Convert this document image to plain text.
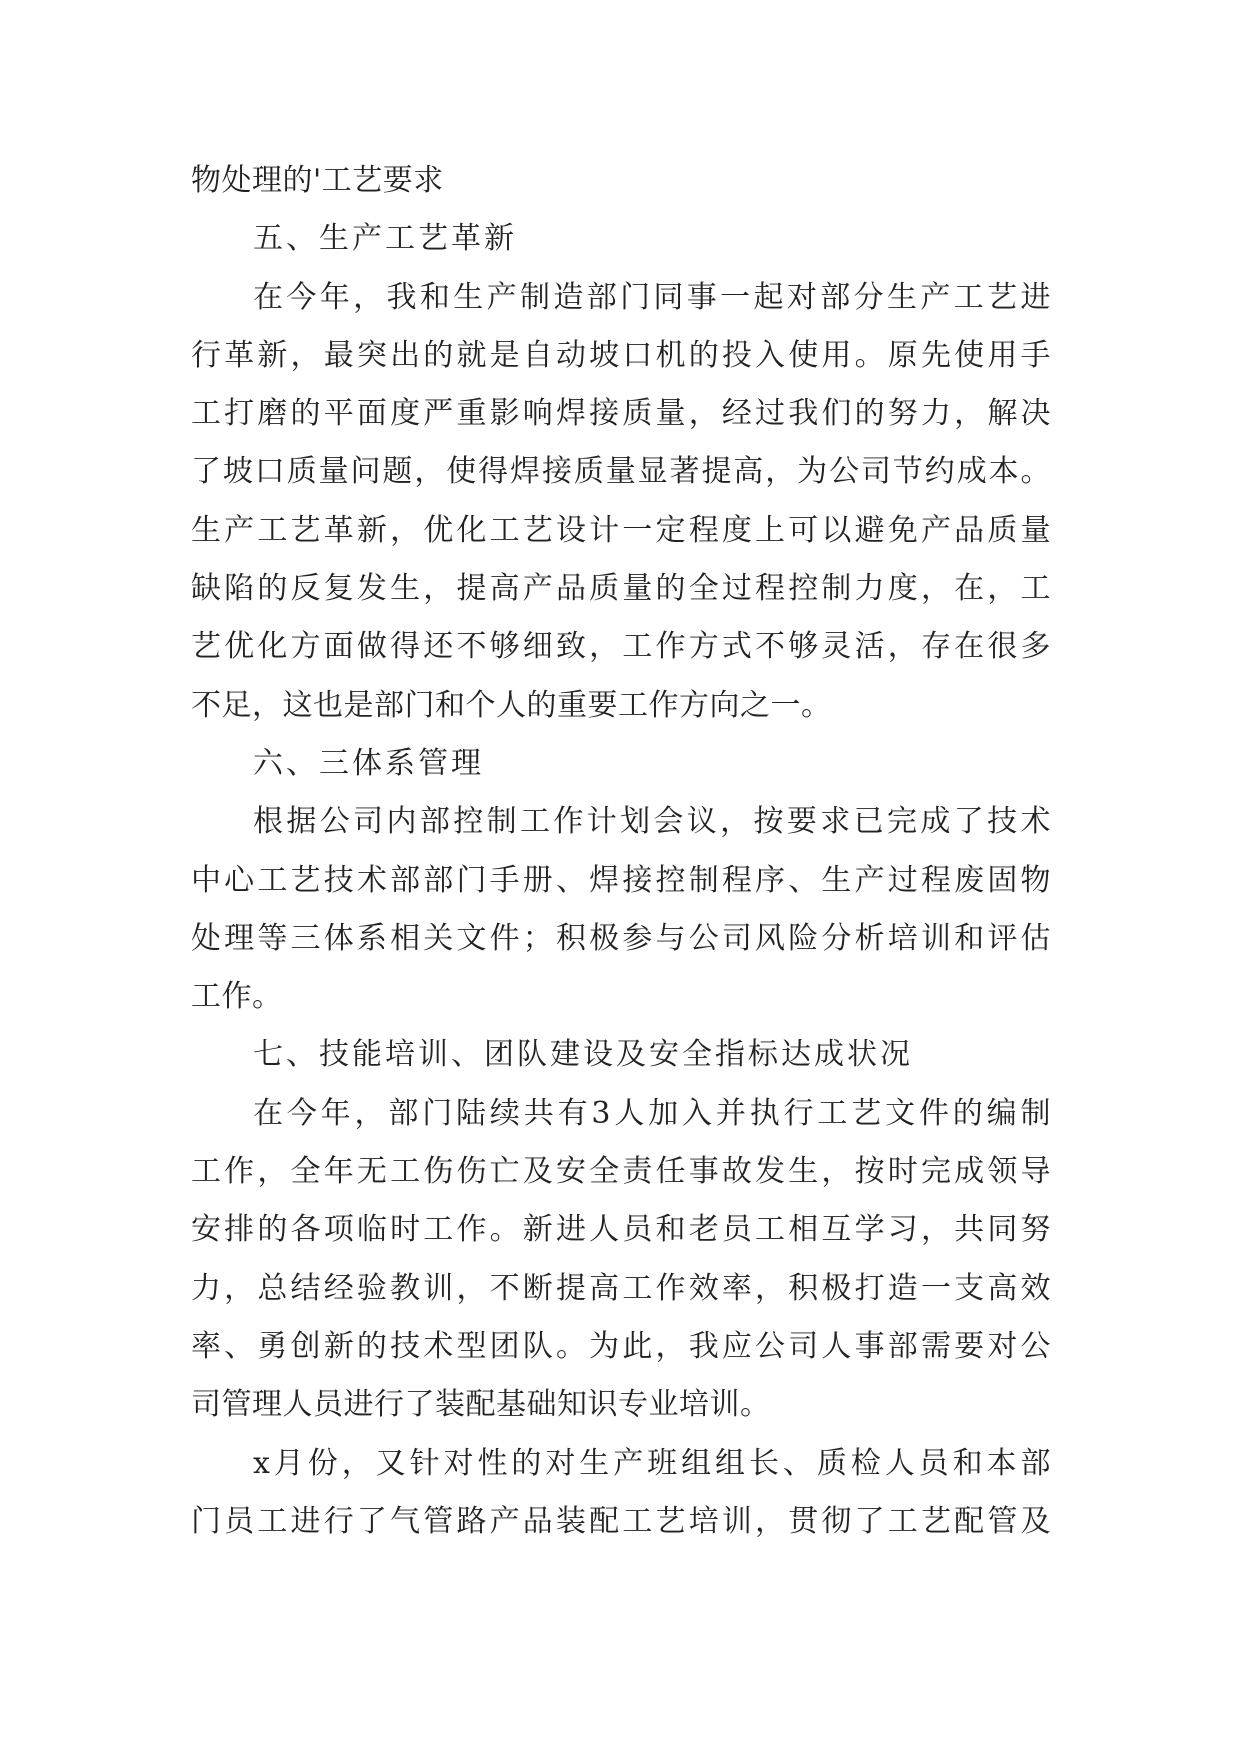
物处理的'工艺要求
五、生产工艺革新
在今年，我和生产制造部门同事一起对部分生产工艺进
行革新，最突出的就是自动坡口机的投入使用。原先使用手
工打磨的平面度严重影响焊接质量，经过我们的努力，解决
了坡口质量问题，使得焊接质量显著提高，为公司节约成本。
生产工艺革新，优化工艺设计一定程度上可以避免产品质量
缺陷的反复发生，提高产品质量的全过程控制力度，在，工
艺优化方面做得还不够细致，工作方式不够灵活，存在很多
不足，这也是部门和个人的重要工作方向之一。
六、三体系管理
根据公司内部控制工作计划会议，按要求已完成了技术
中心工艺技术部部门手册、焊接控制程序、生产过程废固物
处理等三体系相关文件；积极参与公司风险分析培训和评估
工作。
七、技能培训、团队建设及安全指标达成状况
在今年，部门陆续共有3人加入并执行工艺文件的编制
工作，全年无工伤伤亡及安全责任事故发生，按时完成领导
安排的各项临时工作。新进人员和老员工相互学习，共同努
力，总结经验教训，不断提高工作效率，积极打造一支高效
率、勇创新的技术型团队。为此，我应公司人事部需要对公
司管理人员进行了装配基础知识专业培训。
x月份，又针对性的对生产班组组长、质检人员和本部
门员工进行了气管路产品装配工艺培训，贯彻了工艺配管及
